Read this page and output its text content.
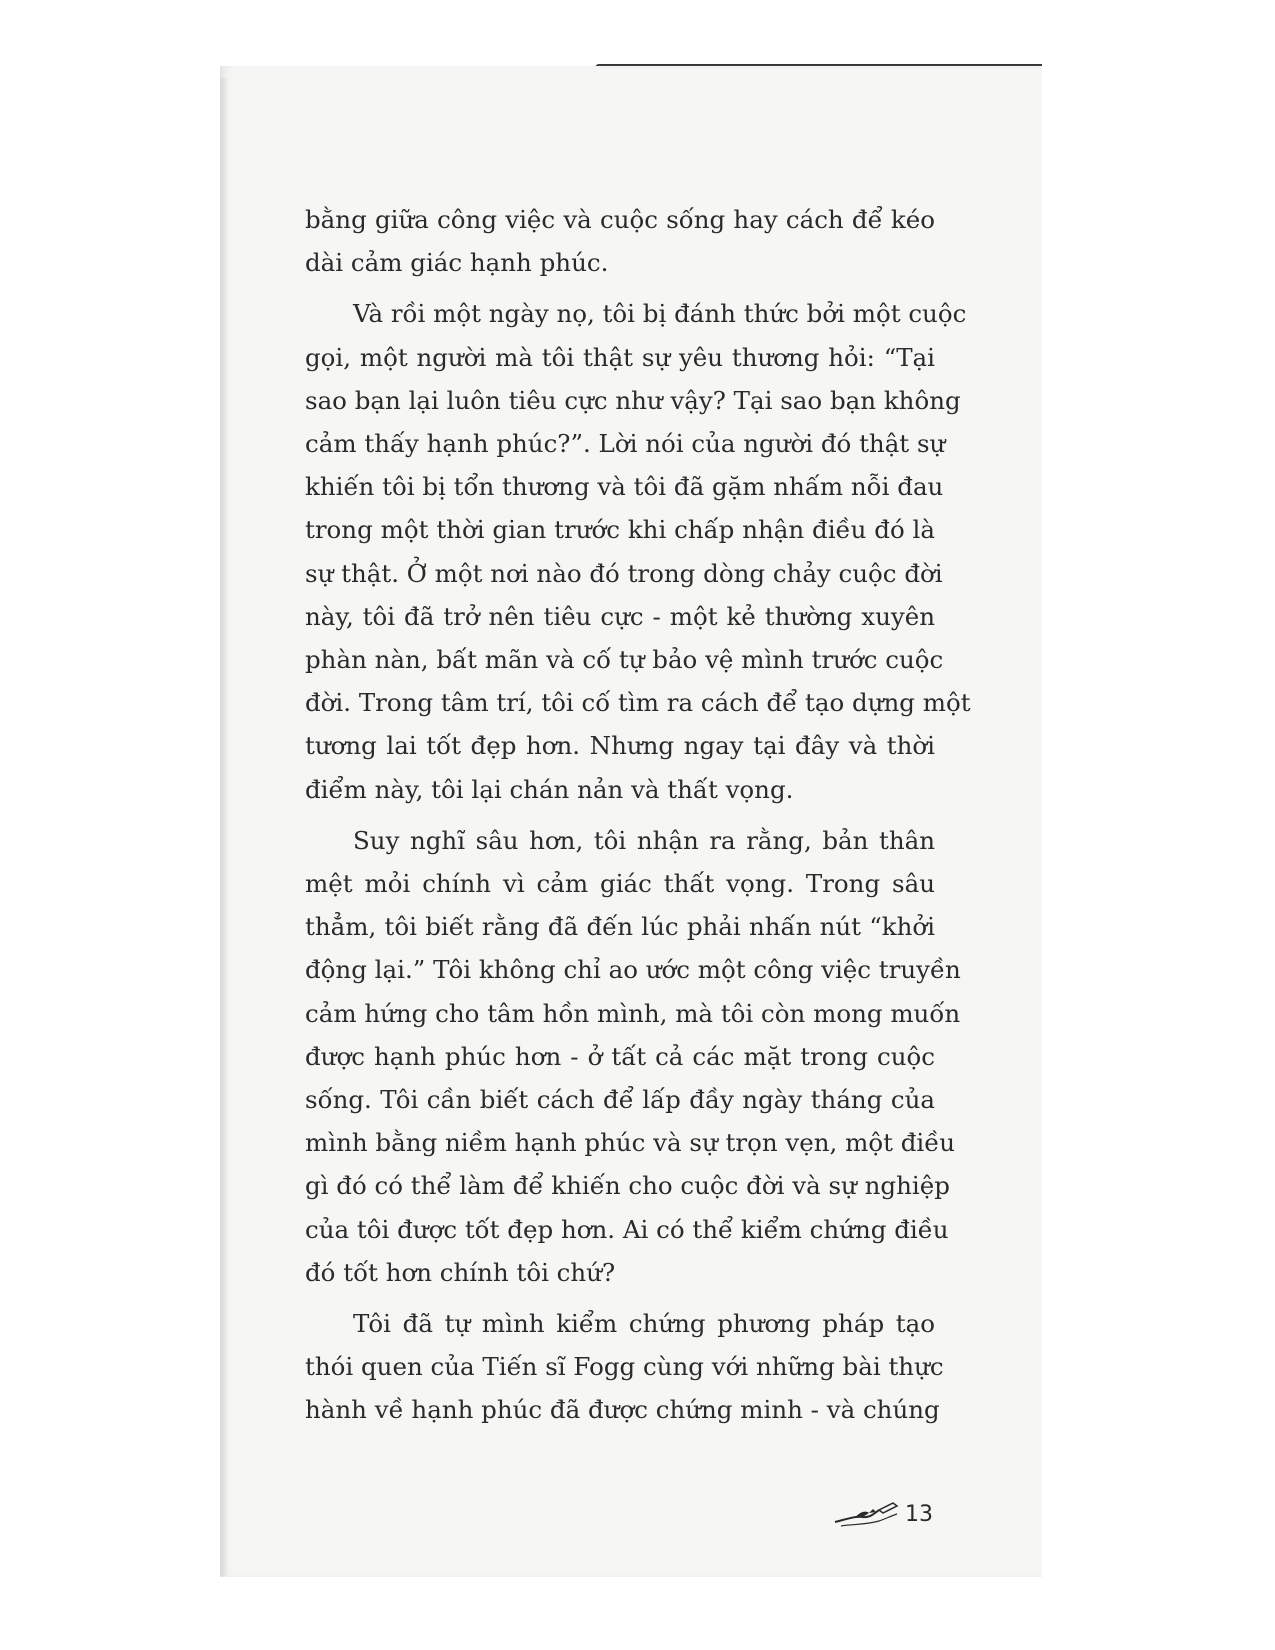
bằng giữa công việc và cuộc sống hay cách để kéo
dài cảm giác hạnh phúc.

Và rồi một ngày nọ, tôi bị đánh thức bởi một cuộc
gọi, một người mà tôi thật sự yêu thương hỏi: “Tại
sao bạn lại luôn tiêu cực như vậy? Tại sao bạn không
cảm thấy hạnh phúc?”. Lời nói của người đó thật sự
khiến tôi bị tổn thương và tôi đã gặm nhấm nỗi đau
trong một thời gian trước khi chấp nhận điều đó là
sự thật. Ở một nơi nào đó trong dòng chảy cuộc đời
này, tôi đã trở nên tiêu cực - một kẻ thường xuyên
phàn nàn, bất mãn và cố tự bảo vệ mình trước cuộc
đời. Trong tâm trí, tôi cố tìm ra cách để tạo dựng một
tương lai tốt đẹp hơn. Nhưng ngay tại đây và thời
điểm này, tôi lại chán nản và thất vọng.

Suy nghĩ sâu hơn, tôi nhận ra rằng, bản thân
mệt mỏi chính vì cảm giác thất vọng. Trong sâu
thẳm, tôi biết rằng đã đến lúc phải nhấn nút “khởi
động lại.” Tôi không chỉ ao ước một công việc truyền
cảm hứng cho tâm hồn mình, mà tôi còn mong muốn
được hạnh phúc hơn - ở tất cả các mặt trong cuộc
sống. Tôi cần biết cách để lấp đầy ngày tháng của
mình bằng niềm hạnh phúc và sự trọn vẹn, một điều
gì đó có thể làm để khiến cho cuộc đời và sự nghiệp
của tôi được tốt đẹp hơn. Ai có thể kiểm chứng điều
đó tốt hơn chính tôi chứ?

Tôi đã tự mình kiểm chứng phương pháp tạo
thói quen của Tiến sĩ Fogg cùng với những bài thực
hành về hạnh phúc đã được chứng minh - và chúng

13
